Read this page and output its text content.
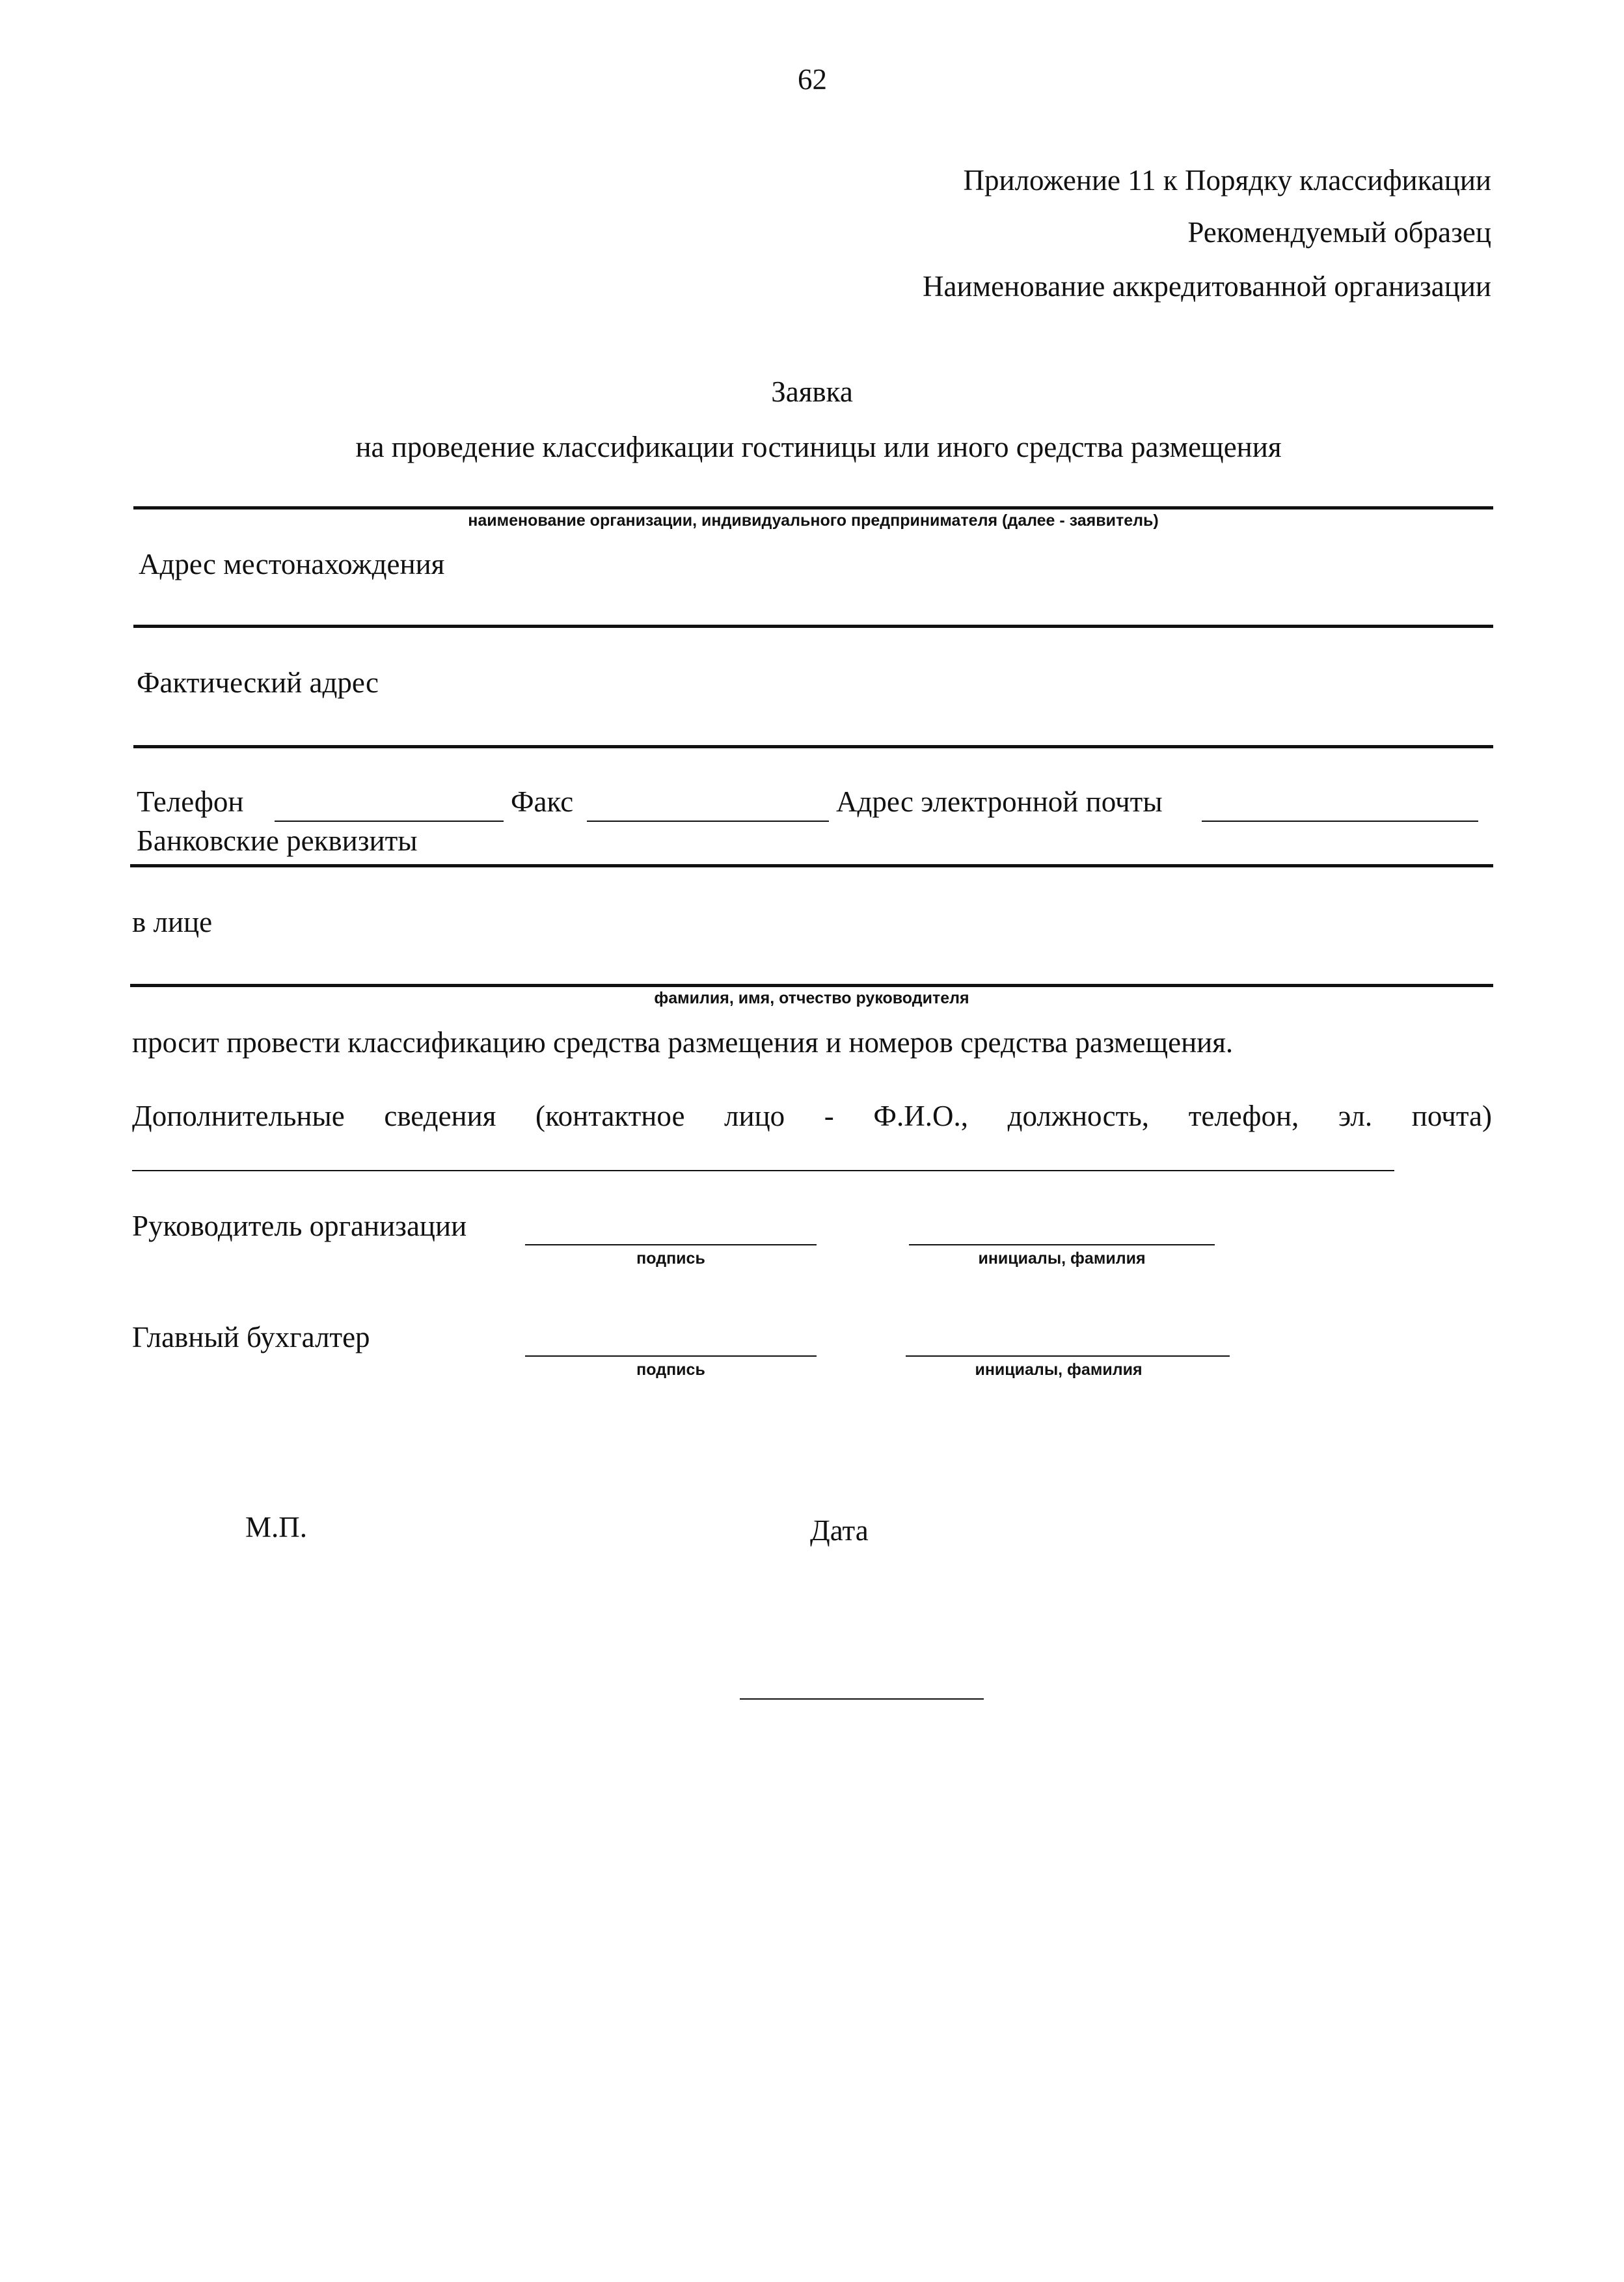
62
Приложение 11 к Порядку классификации
Рекомендуемый образец
Наименование аккредитованной организации
Заявка
на проведение классификации гостиницы или иного средства размещения
наименование организации, индивидуального предпринимателя (далее - заявитель)
Адрес местонахождения
Фактический адрес
Телефон	Факс	Адрес электронной почты
Банковские реквизиты
в лице
фамилия, имя, отчество руководителя
просит провести классификацию средства размещения и номеров средства размещения.
Дополнительные сведения (контактное лицо - Ф.И.О., должность, телефон, эл. почта)
Руководитель организации
подпись	инициалы, фамилия
Главный бухгалтер
подпись	инициалы, фамилия
М.П.	Дата
